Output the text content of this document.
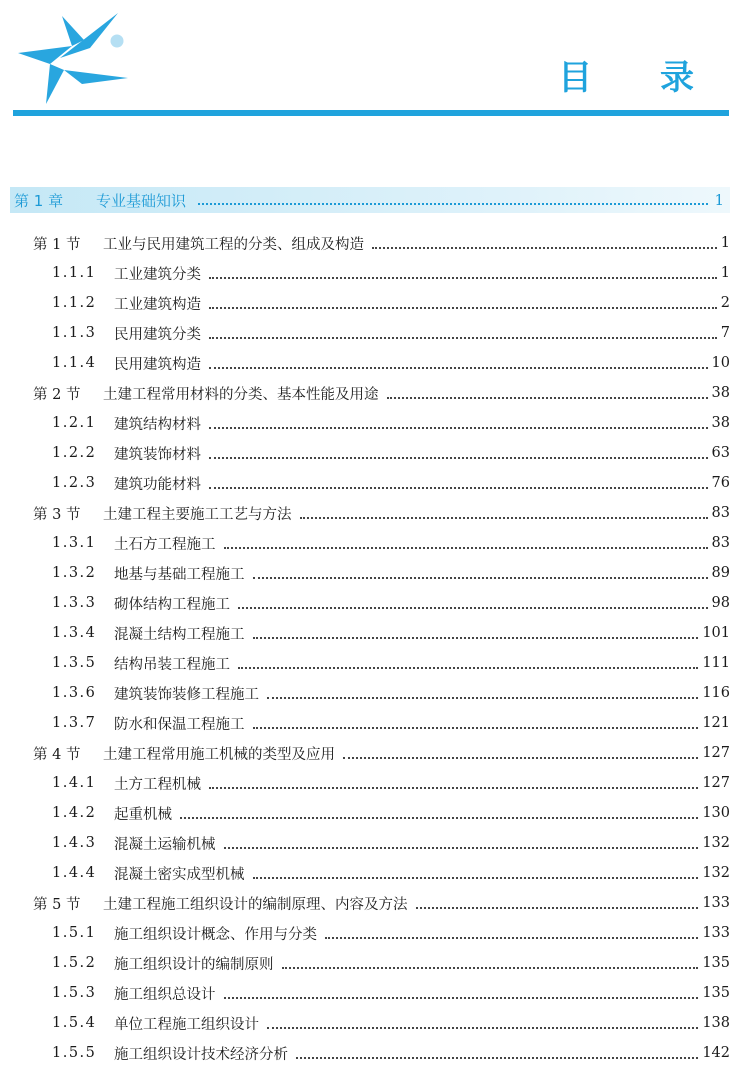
目 录
第 1 章	专业基础知识	1
第 1 节	工业与民用建筑工程的分类、组成及构造	1
1.1.1	工业建筑分类	1
1.1.2	工业建筑构造	2
1.1.3	民用建筑分类	7
1.1.4	民用建筑构造	10
第 2 节	土建工程常用材料的分类、基本性能及用途	38
1.2.1	建筑结构材料	38
1.2.2	建筑装饰材料	63
1.2.3	建筑功能材料	76
第 3 节	土建工程主要施工工艺与方法	83
1.3.1	土石方工程施工	83
1.3.2	地基与基础工程施工	89
1.3.3	砌体结构工程施工	98
1.3.4	混凝土结构工程施工	101
1.3.5	结构吊装工程施工	111
1.3.6	建筑装饰装修工程施工	116
1.3.7	防水和保温工程施工	121
第 4 节	土建工程常用施工机械的类型及应用	127
1.4.1	土方工程机械	127
1.4.2	起重机械	130
1.4.3	混凝土运输机械	132
1.4.4	混凝土密实成型机械	132
第 5 节	土建工程施工组织设计的编制原理、内容及方法	133
1.5.1	施工组织设计概念、作用与分类	133
1.5.2	施工组织设计的编制原则	135
1.5.3	施工组织总设计	135
1.5.4	单位工程施工组织设计	138
1.5.5	施工组织设计技术经济分析	142
